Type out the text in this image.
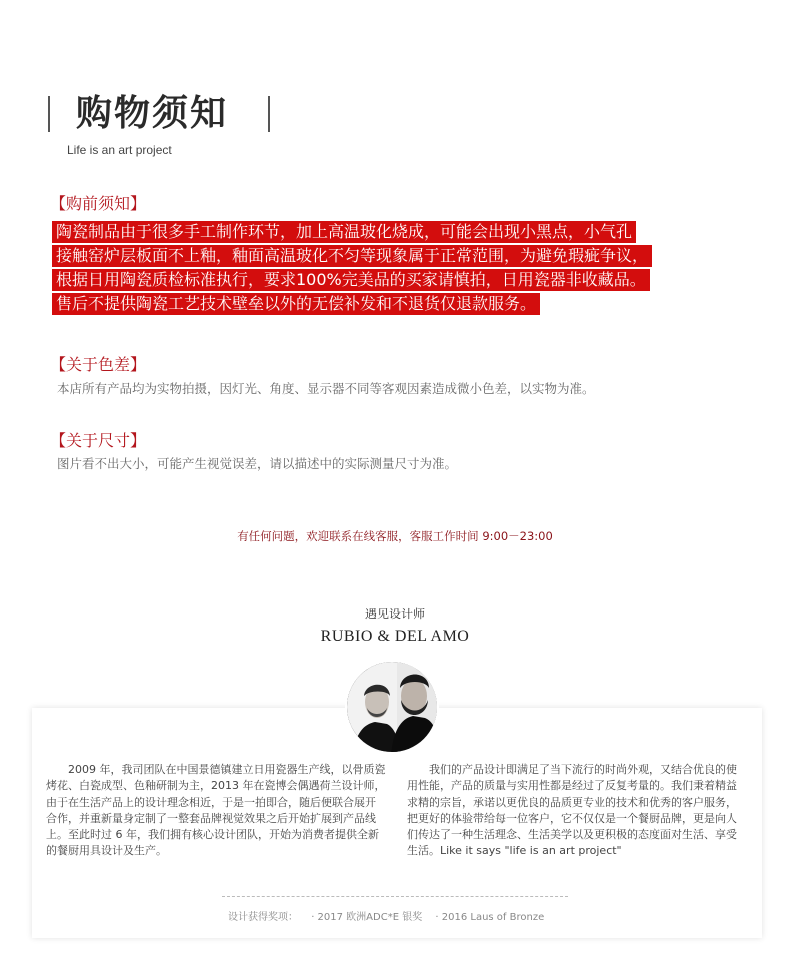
购物须知
Life is an art project
【购前须知】
陶瓷制品由于很多手工制作环节，加上高温玻化烧成，可能会出现小黑点，小气孔
接触窑炉层板面不上釉，釉面高温玻化不匀等现象属于正常范围，为避免瑕疵争议，
根据日用陶瓷质检标准执行，要求100%完美品的买家请慎拍，日用瓷器非收藏品。
售后不提供陶瓷工艺技术壁垒以外的无偿补发和不退货仅退款服务。
【关于色差】
本店所有产品均为实物拍摄，因灯光、角度、显示器不同等客观因素造成微小色差，以实物为准。
【关于尺寸】
图片看不出大小，可能产生视觉误差，请以描述中的实际测量尺寸为准。
有任何问题，欢迎联系在线客服，客服工作时间 9:00－23:00
遇见设计师
RUBIO & DEL AMO
　　2009 年，我司团队在中国景德镇建立日用瓷器生产线，以骨质瓷烤花、白瓷成型、色釉研制为主，2013 年在瓷博会偶遇荷兰设计师，由于在生活产品上的设计理念相近，于是一拍即合，随后便联合展开合作，并重新量身定制了一整套品牌视觉效果之后开始扩展到产品线上。至此时过 6 年，我们拥有核心设计团队，开始为消费者提供全新的餐厨用具设计及生产。
　　我们的产品设计即满足了当下流行的时尚外观，又结合优良的使用性能，产品的质量与实用性都是经过了反复考量的。我们秉着精益求精的宗旨，承诺以更优良的品质更专业的技术和优秀的客户服务，把更好的体验带给每一位客户，它不仅仅是一个餐厨品牌，更是向人们传达了一种生活理念、生活美学以及更积极的态度面对生活、享受生活。Like it says "life is an art project"
设计获得奖项： · 2017 欧洲ADC*E 银奖 · 2016 Laus of Bronze
